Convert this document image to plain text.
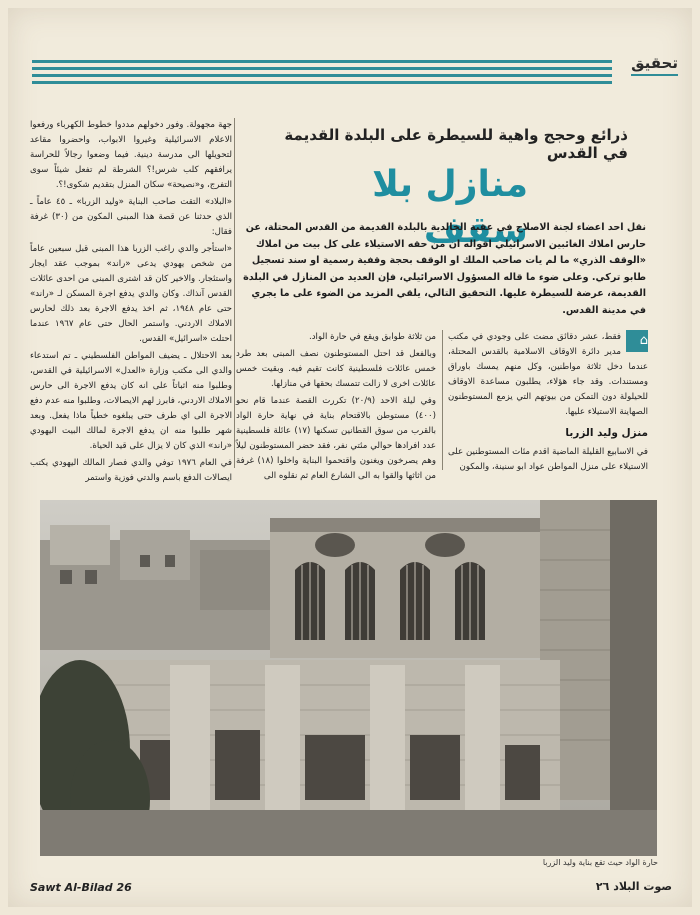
تحقيق
ذرائع وحجج واهية للسيطرة على البلدة القديمة في القدس
منازل بلا سقف
نقل احد اعضاء لجنة الاصلاح في عقبة الخالدية بالبلدة القديمة من القدس المحتلة، عن حارس املاك الغائبين الاسرائيلي اقواله ان من حقه الاستيلاء على كل بيت من املاك «الوقف الذري» ما لم يات صاحب الملك او الوقف بحجة وقفية رسمية او سند تسجيل طابو تركي. وعلى ضوء ما قاله المسؤول الاسرائيلي، فإن العديد من المنازل في البلدة القديمة، عرضة للسيطرة عليها. التحقيق التالي، يلقي المزيد من الضوء على ما يجري في مدينة القدس.

⌂
فقط، عشر دقائق مضت على وجودي في مكتب مدير دائرة الاوقاف الاسلامية بالقدس المحتلة، عندما دخل ثلاثة مواطنين، وكل منهم يمسك باوراق ومستندات. وقد جاء هؤلاء، يطلبون مساعدة الاوقاف للحيلولة دون التمكن من بيوتهم التي يزمع المستوطنون الصهاينة الاستيلاء عليها.

منزل وليد الزربا

في الاسابيع القليلة الماضية اقدم مئات المستوطنين على الاستيلاء على منزل المواطن عواد ابو سنينة، والمكون

من ثلاثة طوابق ويقع في حارة الواد.

وبالفعل قد احتل المستوطنون نصف المبنى بعد طرد خمس عائلات فلسطينية كانت تقيم فيه. وبقيت خمس عائلات اخرى لا زالت تتمسك بحقها في منازلها.

وفي ليلة الاحد (٢٠/٩) تكررت القصة عندما قام نحو (٤٠٠) مستوطن بالاقتحام بناية في نهاية حارة الواد بالقرب من سوق القطانين تسكنها (١٧) عائلة فلسطينية عدد افرادها حوالي مئتي نفر، فقد حضر المستوطنون ليلاً وهم يصرخون ويغنون واقتحموا البناية واخلوا (١٨) غرفة من اثاثها والقوا به الى الشارع العام ثم نقلوه الى

جهة مجهولة. وفور دخولهم مددوا خطوط الكهرباء ورفعوا الاعلام الاسرائيلية وغيروا الابواب، واحضروا مقاعد لتحويلها الى مدرسة دينية. فيما وضعوا رجالاً للحراسة يرافقهم كلب شرس!؟ الشرطة لم تفعل شيئاً سوى التفرج، و«نصيحة» سكان المنزل بتقديم شكوى!؟.

«البلاد» التقت صاحب البناية «وليد الزربا» ـ ٤٥ عاماً ـ الذي حدثنا عن قصة هذا المبنى المكون من (٣٠) غرفة فقال:

«استأجر والدي راغب الزربا هذا المبنى قبل سبعين عاماً من شخص يهودي يدعى «راند» بموجب عقد ايجار واستئجار. والاخير كان قد اشترى المبنى من احدى عائلات القدس آنذاك. وكان والدي يدفع اجرة المسكن لـ «راند» حتى عام ١٩٤٨، ثم اخذ يدفع الاجرة بعد ذلك لحارس الاملاك الاردني. واستمر الحال حتى عام ١٩٦٧ عندما احتلت «اسرائيل» القدس.

بعد الاحتلال ـ يضيف المواطن الفلسطيني ـ تم استدعاء والدي الى مكتب وزارة «العدل» الاسرائيلية في القدس، وطلبوا منه اثباتاً على انه كان يدفع الاجرة الى حارس الاملاك الاردني، فابرز لهم الايصالات، وطلبوا منه عدم دفع الاجرة الى اي طرف حتى يبلغوه خطياً ماذا يفعل. وبعد شهر طلبوا منه ان يدفع الاجرة لمالك البيت اليهودي «راند» الذي كان لا يزال على قيد الحياة.

في العام ١٩٧٦ توفي والدي فصار المالك اليهودي يكتب ايصالات الدفع باسم والدتي فوزية واستمر

حارة الواد حيث تقع بناية وليد الزربا
Sawt Al-Bilad 26	صوت البلاد ٢٦
